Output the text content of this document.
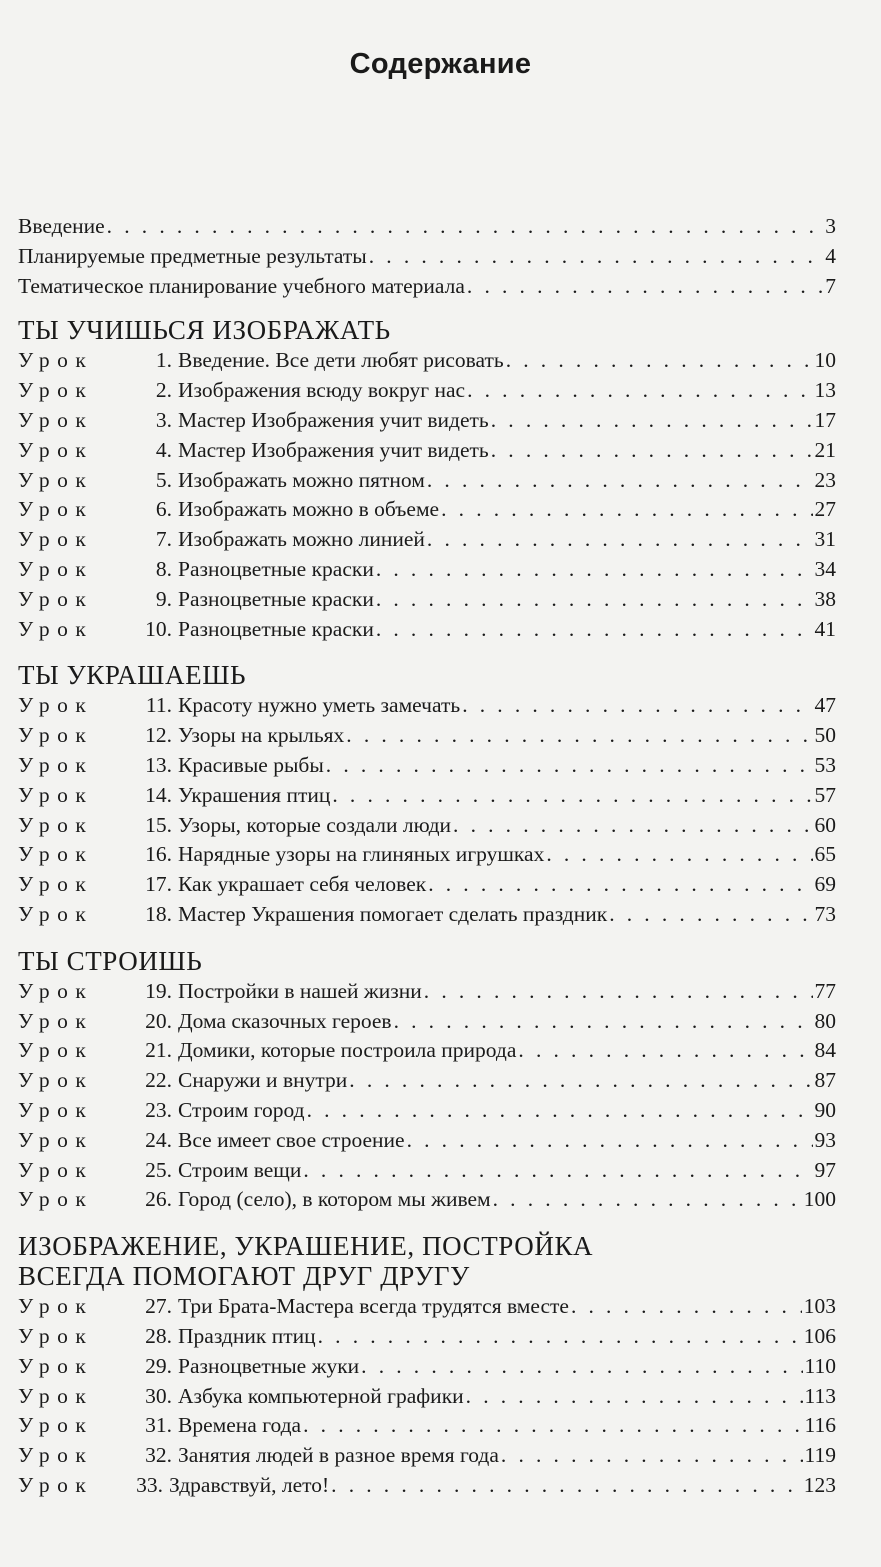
Содержание
Введение . . .	3
Планируемые предметные результаты . . .	4
Тематическое планирование учебного материала . . .	7
ТЫ УЧИШЬСЯ ИЗОБРАЖАТЬ
Урок	1. Введение. Все дети любят рисовать . . .	10
Урок	2. Изображения всюду вокруг нас . . .	13
Урок	3. Мастер Изображения учит видеть . . .	17
Урок	4. Мастер Изображения учит видеть . . .	21
Урок	5. Изображать можно пятном . . .	23
Урок	6. Изображать можно в объеме . . .	27
Урок	7. Изображать можно линией . . .	31
Урок	8. Разноцветные краски . . .	34
Урок	9. Разноцветные краски . . .	38
Урок 10. Разноцветные краски . . .	41
ТЫ УКРАШАЕШЬ
Урок 11. Красоту нужно уметь замечать . . .	47
Урок 12. Узоры на крыльях . . .	50
Урок 13. Красивые рыбы . . .	53
Урок 14. Украшения птиц . . .	57
Урок 15. Узоры, которые создали люди . . .	60
Урок 16. Нарядные узоры на глиняных игрушках . . .	65
Урок 17. Как украшает себя человек . . .	69
Урок 18. Мастер Украшения помогает сделать праздник . . .	73
ТЫ СТРОИШЬ
Урок 19. Постройки в нашей жизни . . .	77
Урок 20. Дома сказочных героев . . .	80
Урок 21. Домики, которые построила природа . . .	84
Урок 22. Снаружи и внутри . . .	87
Урок 23. Строим город . . .	90
Урок 24. Все имеет свое строение . . .	93
Урок 25. Строим вещи . . .	97
Урок 26. Город (село), в котором мы живем . . .	100
ИЗОБРАЖЕНИЕ, УКРАШЕНИЕ, ПОСТРОЙКА
ВСЕГДА ПОМОГАЮТ ДРУГ ДРУГУ
Урок 27. Три Брата-Мастера всегда трудятся вместе . . .	103
Урок 28. Праздник птиц . . .	106
Урок 29. Разноцветные жуки . . .	110
Урок 30. Азбука компьютерной графики . . .	113
Урок 31. Времена года . . .	116
Урок 32. Занятия людей в разное время года . . .	119
Урок 33. Здравствуй, лето! . . .	123
